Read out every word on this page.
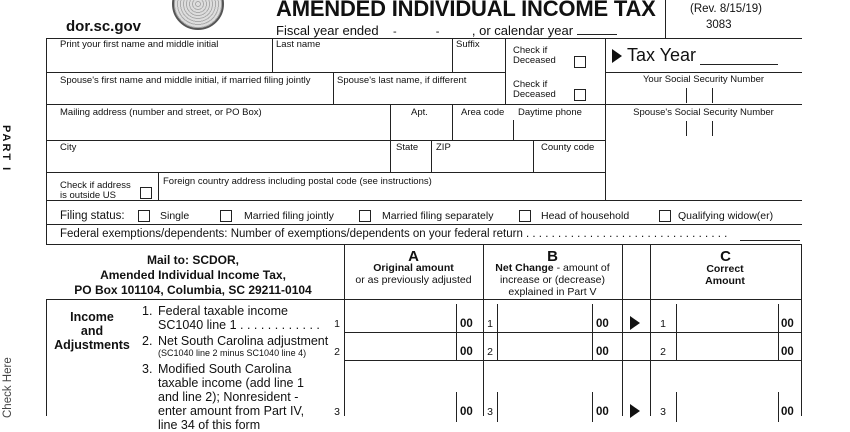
dor.sc.gov
AMENDED INDIVIDUAL INCOME TAX
Fiscal year ended - - , or calendar year
(Rev. 8/15/19)
3083
PART I
Print your first name and middle initial	Last name	Suffix
Check if Deceased	Tax Year
Spouse's first name and middle initial, if married filing jointly	Spouse's last name, if different	Check if Deceased
Your Social Security Number
Mailing address (number and street, or PO Box)	Apt.	Area code Daytime phone	Spouse's Social Security Number
City	State ZIP	County code
Check if address is outside US
Foreign country address including postal code (see instructions)
Filing status:	Single	Married filing jointly	Married filing separately	Head of household	Qualifying widow(er)
Federal exemptions/dependents: Number of exemptions/dependents on your federal return . . . . . . . . . . . . . . . . . . . . . . . . . . . . . . . .
Mail to: SCDOR,
Amended Individual Income Tax,
PO Box 101104, Columbia, SC 29211-0104
A
Original amount
or as previously adjusted
B
Net Change - amount of increase or (decrease) explained in Part V
C
Correct Amount
Income
and
Adjustments
Check Here
1. Federal taxable income
SC1040 line 1 . . . . . . . . . . . .	1	00	1	00	1	00
2. Net South Carolina adjustment
(SC1040 line 2 minus SC1040 line 4)	2	00	2	00	2	00
3. Modified South Carolina
taxable income (add line 1
and line 2); Nonresident -
enter amount from Part IV,
line 34 of this form
3	00	3	00	3	00
